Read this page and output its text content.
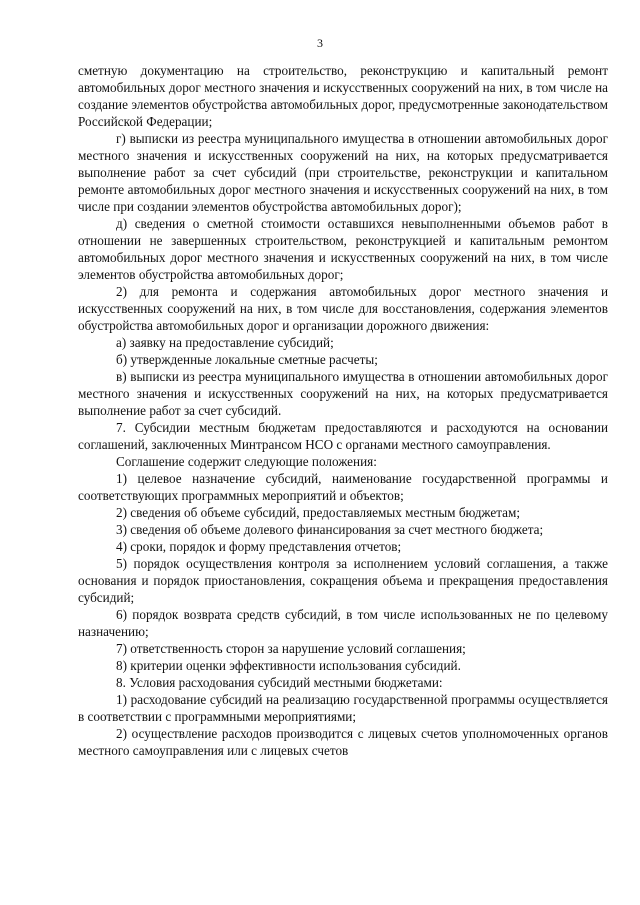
3

сметную документацию на строительство, реконструкцию и капитальный ремонт автомобильных дорог местного значения и искусственных сооружений на них, в том числе на создание элементов обустройства автомобильных дорог, предусмотренные законодательством Российской Федерации;

г) выписки из реестра муниципального имущества в отношении автомобильных дорог местного значения и искусственных сооружений на них, на которых предусматривается выполнение работ за счет субсидий (при строительстве, реконструкции и капитальном ремонте автомобильных дорог местного значения и искусственных сооружений на них, в том числе при создании элементов обустройства автомобильных дорог);

д) сведения о сметной стоимости оставшихся невыполненными объемов работ в отношении не завершенных строительством, реконструкцией и капитальным ремонтом автомобильных дорог местного значения и искусственных сооружений на них, в том числе элементов обустройства автомобильных дорог;

2) для ремонта и содержания автомобильных дорог местного значения и искусственных сооружений на них, в том числе для восстановления, содержания элементов обустройства автомобильных дорог и организации дорожного движения:

а) заявку на предоставление субсидий;

б) утвержденные локальные сметные расчеты;

в) выписки из реестра муниципального имущества в отношении автомобильных дорог местного значения и искусственных сооружений на них, на которых предусматривается выполнение работ за счет субсидий.

7. Субсидии местным бюджетам предоставляются и расходуются на основании соглашений, заключенных Минтрансом НСО с органами местного самоуправления.

Соглашение содержит следующие положения:

1) целевое назначение субсидий, наименование государственной программы и соответствующих программных мероприятий и объектов;

2) сведения об объеме субсидий, предоставляемых местным бюджетам;

3) сведения об объеме долевого финансирования за счет местного бюджета;

4) сроки, порядок и форму представления отчетов;

5) порядок осуществления контроля за исполнением условий соглашения, а также основания и порядок приостановления, сокращения объема и прекращения предоставления субсидий;

6) порядок возврата средств субсидий, в том числе использованных не по целевому назначению;

7) ответственность сторон за нарушение условий соглашения;

8) критерии оценки эффективности использования субсидий.

8. Условия расходования субсидий местными бюджетами:

1) расходование субсидий на реализацию государственной программы осуществляется в соответствии с программными мероприятиями;

2) осуществление расходов производится с лицевых счетов уполномоченных органов местного самоуправления или с лицевых счетов
